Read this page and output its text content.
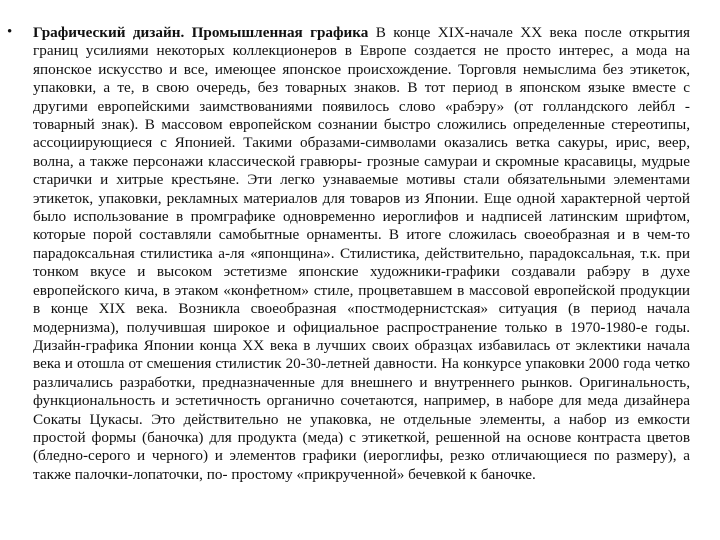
• Графический дизайн. Промышленная графика В конце XIX-начале XX века после открытия границ усилиями некоторых коллекционеров в Европе создается не просто интерес, а мода на японское искусство и все, имеющее японское происхождение. Торговля немыслима без этикеток, упаковки, а те, в свою очередь, без товарных знаков. В тот период в японском языке вместе с другими европейскими заимствованиями появилось слово «рабэру» (от голландского лейбл - товарный знак). В массовом европейском сознании быстро сложились определенные стереотипы, ассоциирующиеся с Японией. Такими образами-символами оказались ветка сакуры, ирис, веер, волна, а также персонажи классической гравюры- грозные самураи и скромные красавицы, мудрые старички и хитрые крестьяне. Эти легко узнаваемые мотивы стали обязательными элементами этикеток, упаковки, рекламных материалов для товаров из Японии. Еще одной характерной чертой было использование в промграфике одновременно иероглифов и надписей латинским шрифтом, которые порой составляли самобытные орнаменты. В итоге сложилась своеобразная и в чем-то парадоксальная стилистика а-ля «японщина». Стилистика, действительно, парадоксальная, т.к. при тонком вкусе и высоком эстетизме японские художники-графики создавали рабэру в духе европейского кича, в этаком «конфетном» стиле, процветавшем в массовой европейской продукции в конце XIX века. Возникла своеобразная «постмодернистская» ситуация (в период начала модернизма), получившая широкое и официальное распространение только в 1970-1980-е годы. Дизайн-графика Японии конца XX века в лучших своих образцах избавилась от эклектики начала века и отошла от смешения стилистик 20-30-летней давности. На конкурсе упаковки 2000 года четко различались разработки, предназначенные для внешнего и внутреннего рынков. Оригинальность, функциональность и эстетичность органично сочетаются, например, в наборе для меда дизайнера Сокаты Цукасы. Это действительно не упаковка, не отдельные элементы, а набор из емкости простой формы (баночка) для продукта (меда) с этикеткой, решенной на основе контраста цветов (бледно-серого и черного) и элементов графики (иероглифы, резко отличающиеся по размеру), а также палочки-лопаточки, по- простому «прикрученной» бечевкой к баночке.
